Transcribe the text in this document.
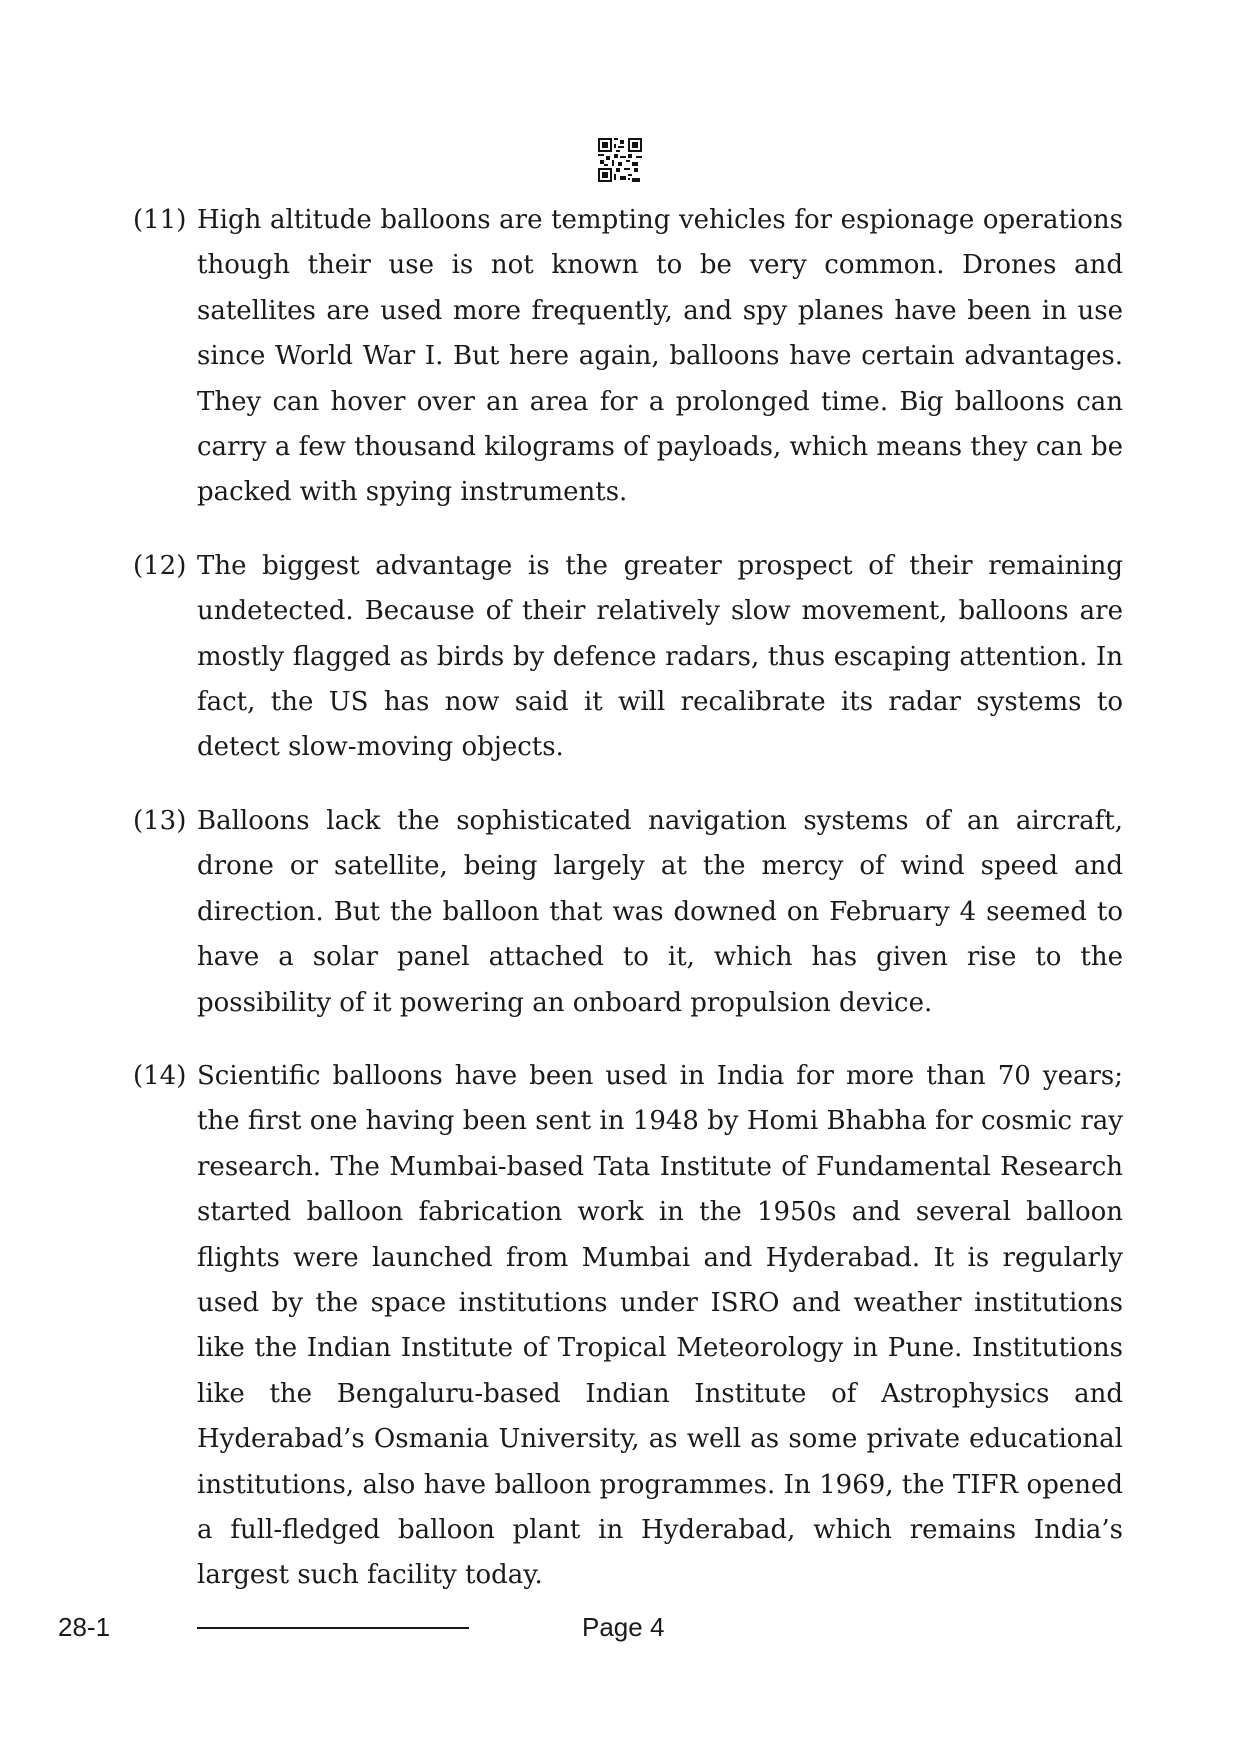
(11) High altitude balloons are tempting vehicles for espionage operations though their use is not known to be very common. Drones and satellites are used more frequently, and spy planes have been in use since World War I. But here again, balloons have certain advantages. They can hover over an area for a prolonged time. Big balloons can carry a few thousand kilograms of payloads, which means they can be packed with spying instruments.

(12) The biggest advantage is the greater prospect of their remaining undetected. Because of their relatively slow movement, balloons are mostly flagged as birds by defence radars, thus escaping attention. In fact, the US has now said it will recalibrate its radar systems to detect slow-moving objects.

(13) Balloons lack the sophisticated navigation systems of an aircraft, drone or satellite, being largely at the mercy of wind speed and direction. But the balloon that was downed on February 4 seemed to have a solar panel attached to it, which has given rise to the possibility of it powering an onboard propulsion device.

(14) Scientific balloons have been used in India for more than 70 years; the first one having been sent in 1948 by Homi Bhabha for cosmic ray research. The Mumbai-based Tata Institute of Fundamental Research started balloon fabrication work in the 1950s and several balloon flights were launched from Mumbai and Hyderabad. It is regularly used by the space institutions under ISRO and weather institutions like the Indian Institute of Tropical Meteorology in Pune. Institutions like the Bengaluru-based Indian Institute of Astrophysics and Hyderabad’s Osmania University, as well as some private educational institutions, also have balloon programmes. In 1969, the TIFR opened a full-fledged balloon plant in Hyderabad, which remains India’s largest such facility today.

28-1	Page 4
